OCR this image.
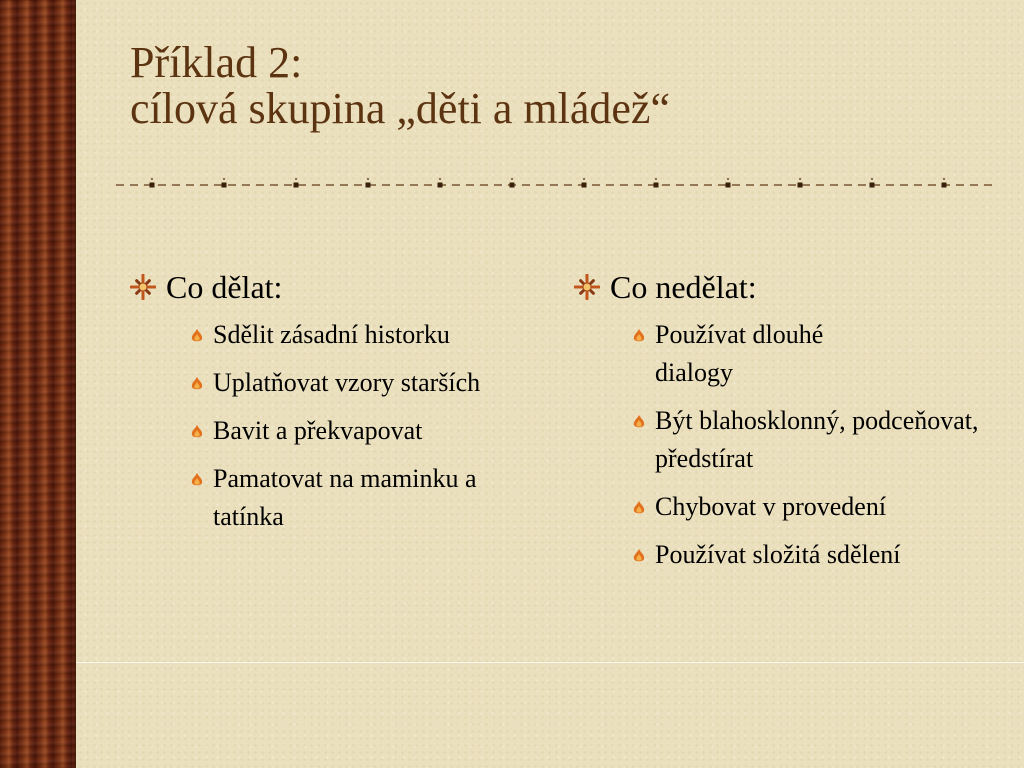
Příklad 2:
cílová skupina „děti a mládež“
Co dělat:
Sdělit zásadní historku
Uplatňovat vzory starších
Bavit a překvapovat
Pamatovat na maminku a tatínka
Co nedělat:
Používat dlouhé dialogy
Být blahosklonný, podceňovat, předstírat
Chybovat v provedení
Používat složitá sdělení
